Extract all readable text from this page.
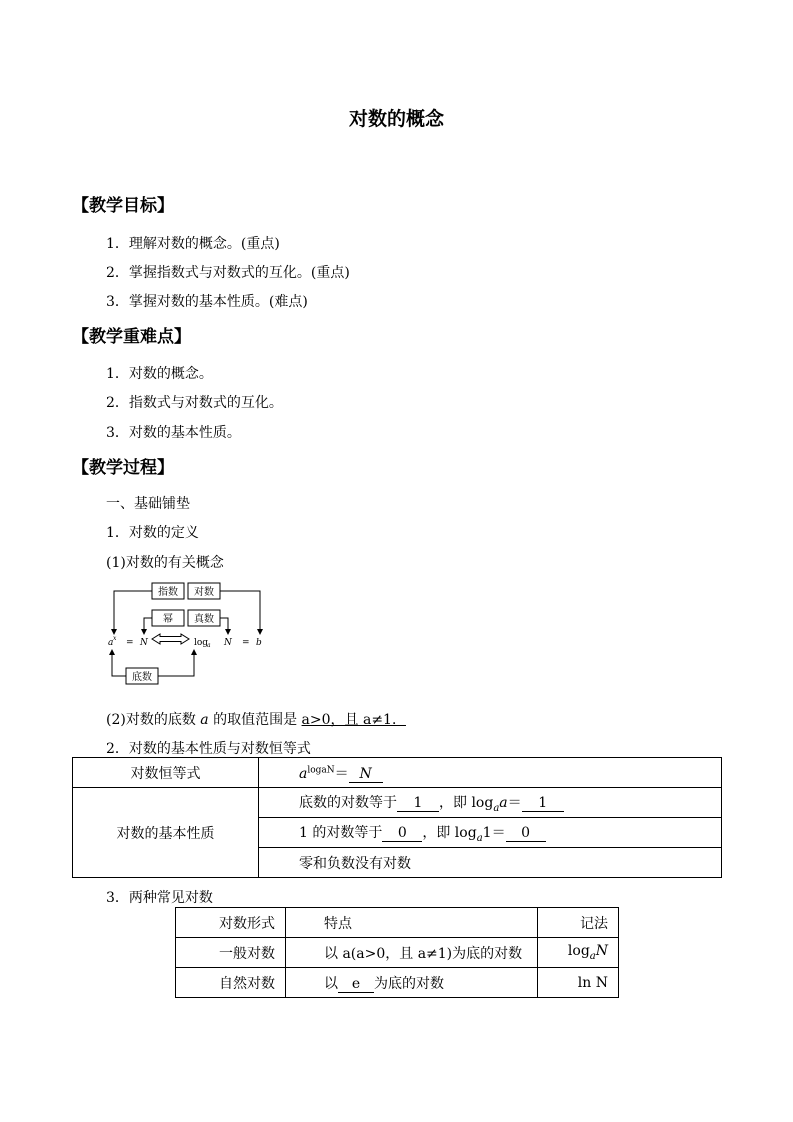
对数的概念
【教学目标】
1．理解对数的概念。(重点)
2．掌握指数式与对数式的互化。(重点)
3．掌握对数的基本性质。(难点)
【教学重难点】
1．对数的概念。
2．指数式与对数式的互化。
3．对数的基本性质。
【教学过程】
一、基础铺垫
1．对数的定义
(1)对数的有关概念
指数 对数
幂 真数
底数
a x = N	log
a N = b
(2)对数的底数 a 的取值范围是 a>0，且 a≠1．
2．对数的基本性质与对数恒等式
对数恒等式	$a^{logaN}= N$
对数的基本性质	底数的对数等于 1 ，即 $\log_aa= 1$
	1 的对数等于 0 ，即 $\log_a1= 0$
	零和负数没有对数
3．两种常见对数
对数形式	特点	记法
一般对数	以 a(a>0，且 a≠1)为底的对数	$\log_aN$
自然对数	以 e 为底的对数	ln N
